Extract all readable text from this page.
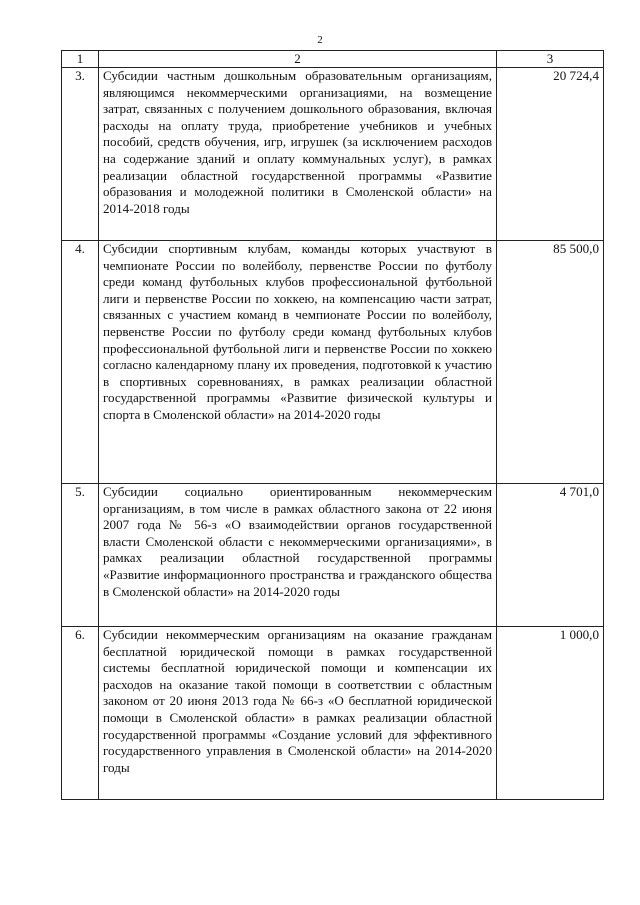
2
1	2	3
3.	Субсидии частным дошкольным образовательным организациям, являющимся некоммерческими организациями, на возмещение затрат, связанных с получением дошкольного образования, включая расходы на оплату труда, приобретение учебников и учебных пособий, средств обучения, игр, игрушек (за исключением расходов на содержание зданий и оплату коммунальных услуг), в рамках реализации областной государственной программы «Развитие образования и молодежной политики в Смоленской области» на 2014-2018 годы	20 724,4
4.	Субсидии спортивным клубам, команды которых участвуют в чемпионате России по волейболу, первенстве России по футболу среди команд футбольных клубов профессиональной футбольной лиги и первенстве России по хоккею, на компенсацию части затрат, связанных с участием команд в чемпионате России по волейболу, первенстве России по футболу среди команд футбольных клубов профессиональной футбольной лиги и первенстве России по хоккею согласно календарному плану их проведения, подготовкой к участию в спортивных соревнованиях, в рамках реализации областной государственной программы «Развитие физической культуры и спорта в Смоленской области» на 2014-2020 годы	85 500,0
5.	Субсидии социально ориентированным некоммерческим организациям, в том числе в рамках областного закона от 22 июня 2007 года № 56-з «О взаимодействии органов государственной власти Смоленской области с некоммерческими организациями», в рамках реализации областной государственной программы «Развитие информационного пространства и гражданского общества в Смоленской области» на 2014-2020 годы	4 701,0
6.	Субсидии некоммерческим организациям на оказание гражданам бесплатной юридической помощи в рамках государственной системы бесплатной юридической помощи и компенсации их расходов на оказание такой помощи в соответствии с областным законом от 20 июня 2013 года № 66-з «О бесплатной юридической помощи в Смоленской области» в рамках реализации областной государственной программы «Создание условий для эффективного государственного управления в Смоленской области» на 2014-2020 годы	1 000,0
